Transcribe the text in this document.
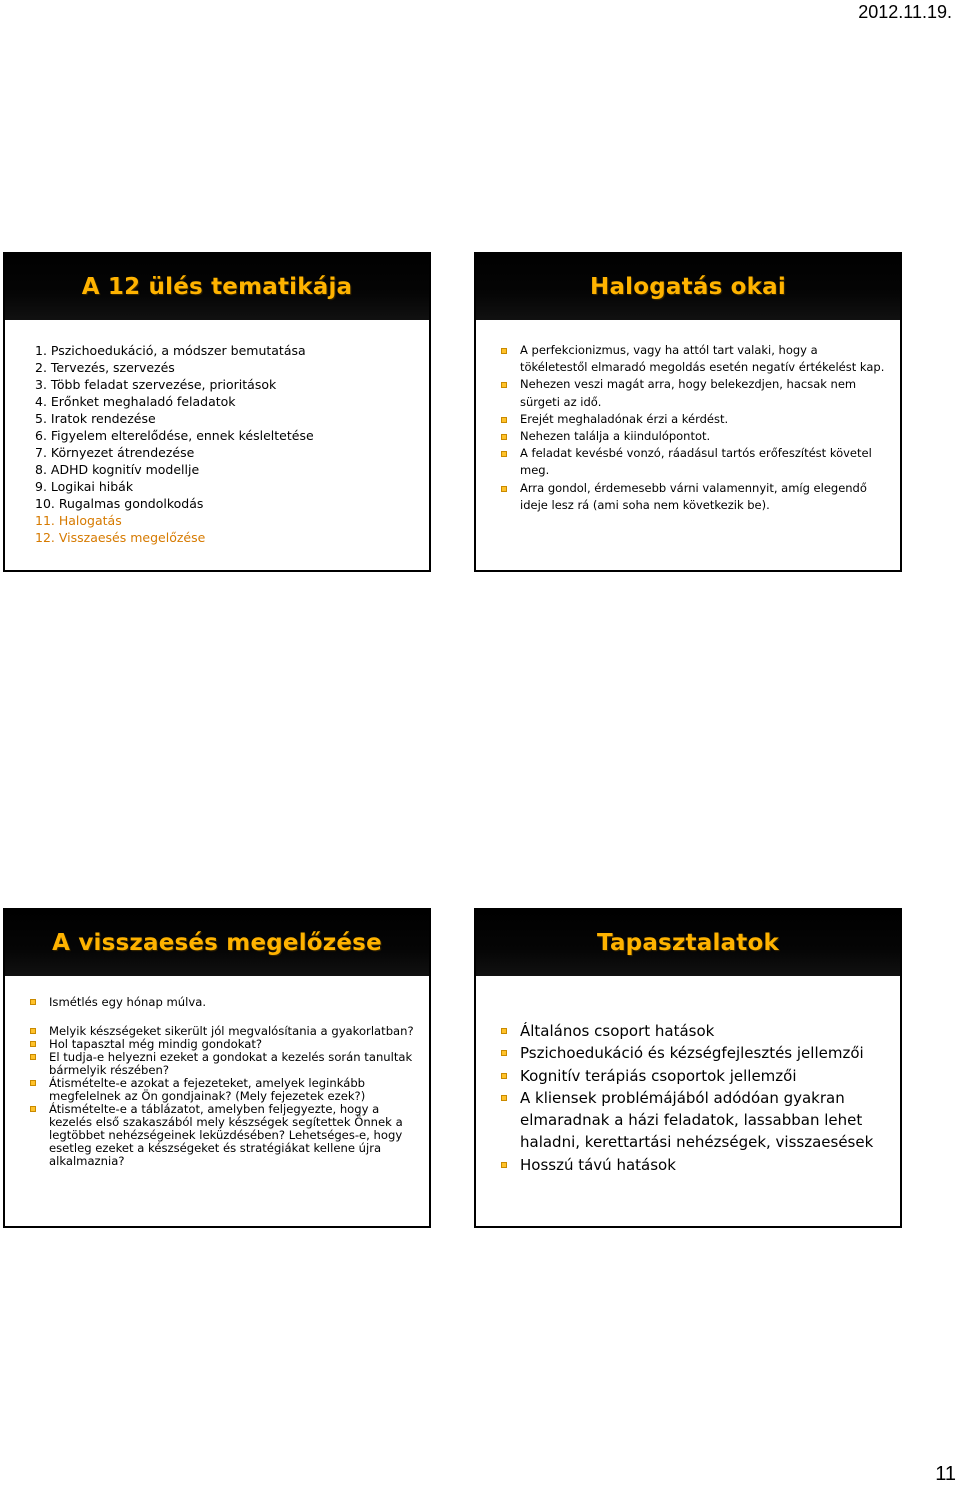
2012.11.19.
A 12 ülés tematikája
1. Pszichoedukáció, a módszer bemutatása
2. Tervezés, szervezés
3. Több feladat szervezése, prioritások
4. Erőnket meghaladó feladatok
5. Iratok rendezése
6. Figyelem elterelődése, ennek késleltetése
7. Környezet átrendezése
8. ADHD kognitív modellje
9. Logikai hibák
10. Rugalmas gondolkodás
11. Halogatás
12. Visszaesés megelőzése
Halogatás okai
A perfekcionizmus, vagy ha attól tart valaki, hogy a tökéletestől elmaradó megoldás esetén negatív értékelést kap.
Nehezen veszi magát arra, hogy belekezdjen, hacsak nem sürgeti az idő.
Erejét meghaladónak érzi a kérdést.
Nehezen találja a kiindulópontot.
A feladat kevésbé vonzó, ráadásul tartós erőfeszítést követel meg.
Arra gondol, érdemesebb várni valamennyit, amíg elegendő ideje lesz rá (ami soha nem következik be).
A visszaesés megelőzése
Ismétlés egy hónap múlva.
Melyik készségeket sikerült jól megvalósítania a gyakorlatban?
Hol tapasztal még mindig gondokat?
El tudja-e helyezni ezeket a gondokat a kezelés során tanultak bármelyik részében?
Átismételte-e azokat a fejezeteket, amelyek leginkább megfelelnek az Ön gondjainak? (Mely fejezetek ezek?)
Átismételte-e a táblázatot, amelyben feljegyezte, hogy a kezelés első szakaszából mely készségek segítettek Önnek a legtöbbet nehézségeinek leküzdésében? Lehetséges-e, hogy esetleg ezeket a készségeket és stratégiákat kellene újra alkalmaznia?
Tapasztalatok
Általános csoport hatások
Pszichoedukáció és kézségfejlesztés jellemzői
Kognitív terápiás csoportok jellemzői
A kliensek problémájából adódóan gyakran elmaradnak a házi feladatok, lassabban lehet haladni, kerettartási nehézségek, visszaesések
Hosszú távú hatások
11
